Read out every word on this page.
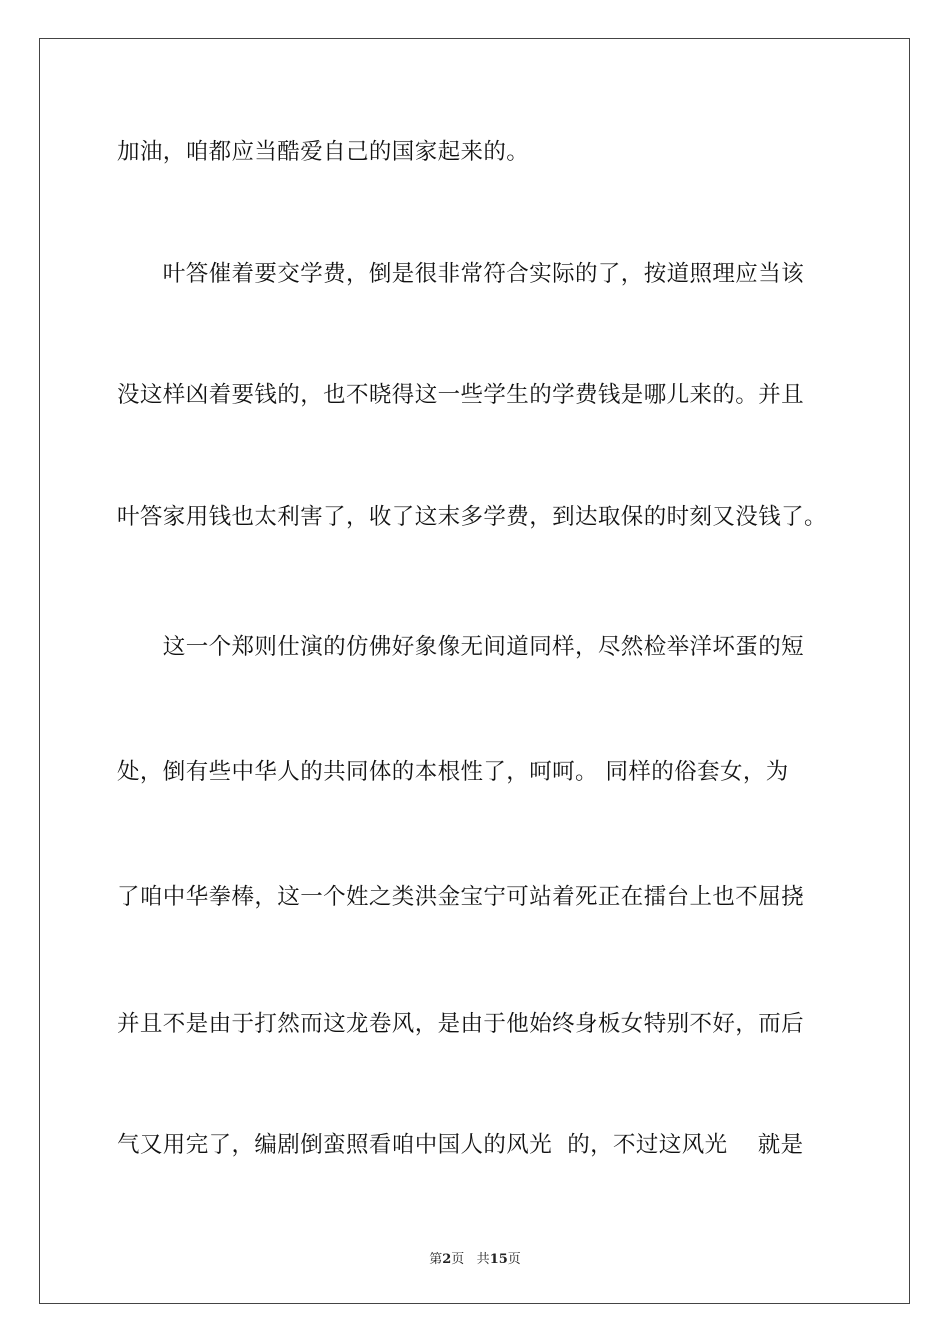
加油，咱都应当酷爱自己的国家起来的。
　　叶答催着要交学费，倒是很非常符合实际的了，按道照理应当该
没这样凶着要钱的，也不晓得这一些学生的学费钱是哪儿来的。并且
叶答家用钱也太利害了，收了这末多学费，到达取保的时刻又没钱了。
　　这一个郑则仕演的仿佛好象像无间道同样，尽然检举洋坏蛋的短
处，倒有些中华人的共同体的本根性了，呵呵。 同样的俗套女，为
了咱中华拳棒，这一个姓之类洪金宝宁可站着死正在擂台上也不屈挠
并且不是由于打然而这龙卷风，是由于他始终身板女特别不好，而后
气又用完了，编剧倒蛮照看咱中国人的风光  的，不过这风光    就是
第2页 共15页
